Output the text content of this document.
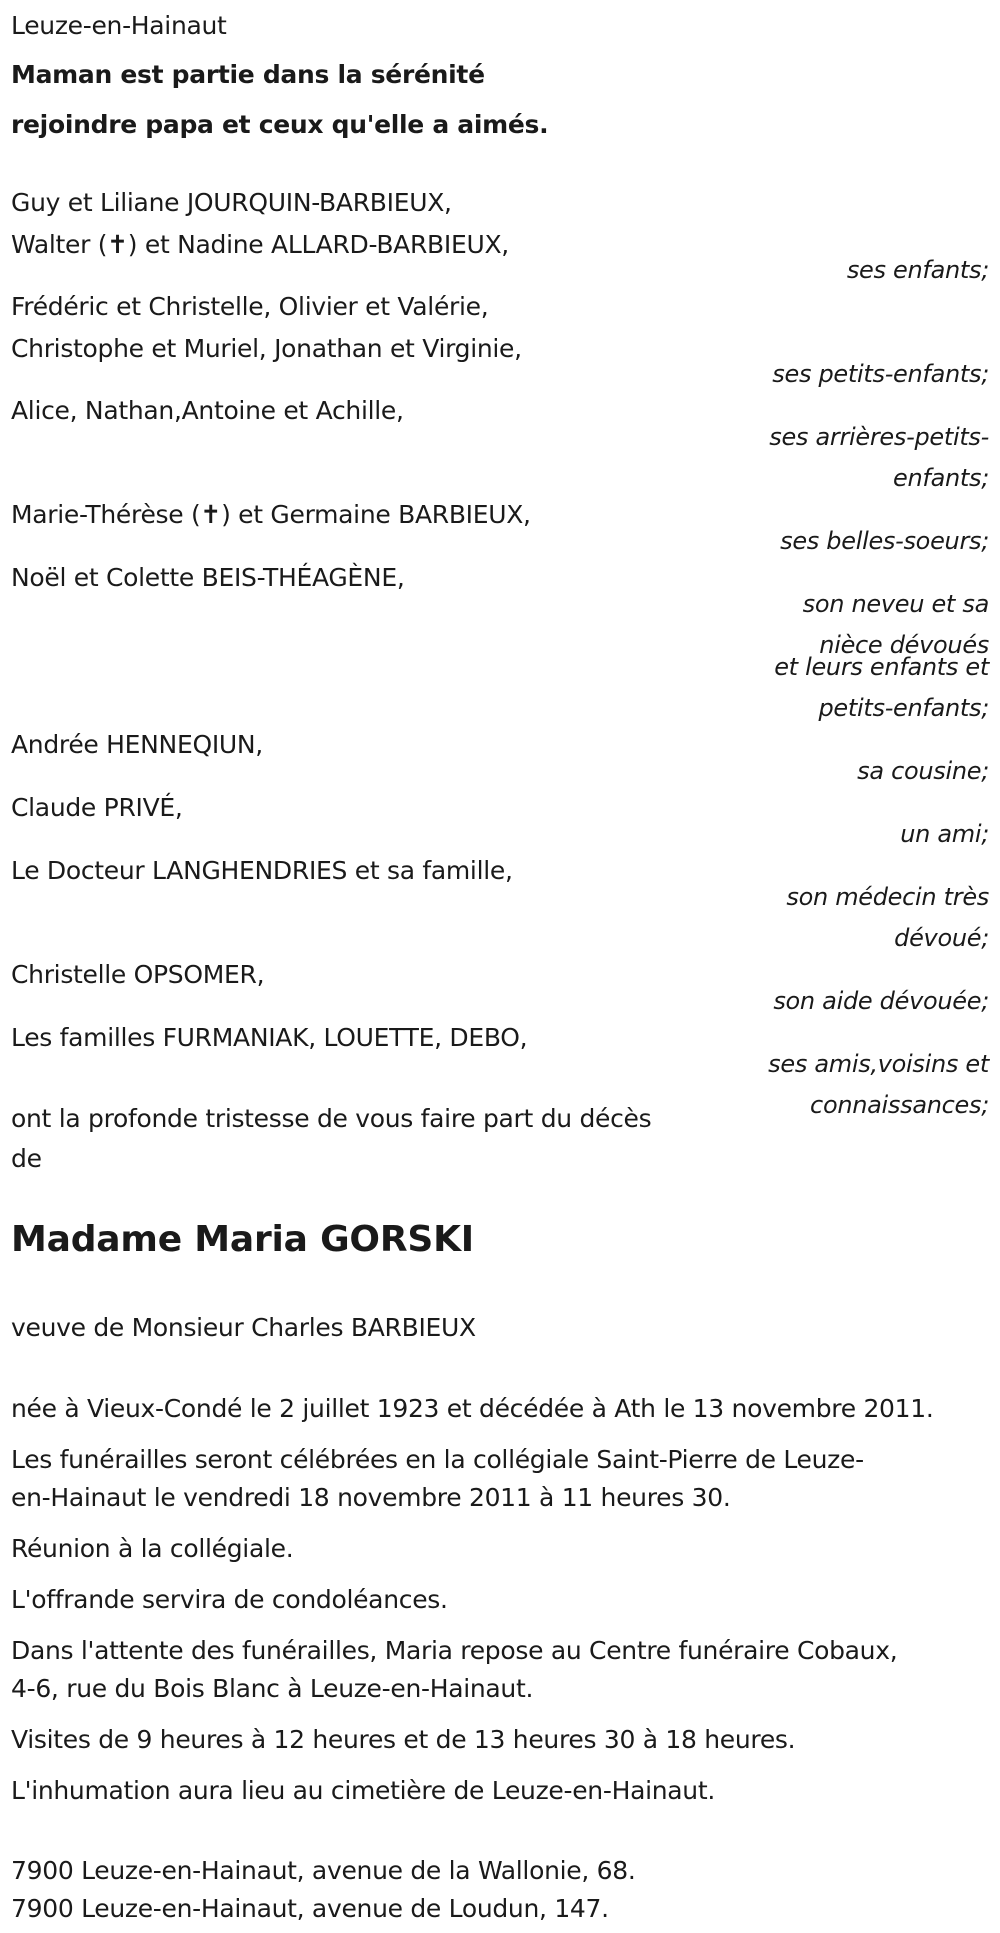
Leuze-en-Hainaut

Maman est partie dans la sérénité

rejoindre papa et ceux qu'elle a aimés.

Guy et Liliane JOURQUIN-BARBIEUX,

Walter (✝) et Nadine ALLARD-BARBIEUX,

ses enfants;

Frédéric et Christelle, Olivier et Valérie,

Christophe et Muriel, Jonathan et Virginie,

ses petits-enfants;

Alice, Nathan,Antoine et Achille,

ses arrières-petits-

enfants;

Marie-Thérèse (✝) et Germaine BARBIEUX,

ses belles-soeurs;

Noël et Colette BEIS-THÉAGÈNE,

son neveu et sa

nièce dévoués

et leurs enfants et

petits-enfants;

Andrée HENNEQIUN,

sa cousine;

Claude PRIVÉ,

un ami;

Le Docteur LANGHENDRIES et sa famille,

son médecin très

dévoué;

Christelle OPSOMER,

son aide dévouée;

Les familles FURMANIAK, LOUETTE, DEBO,

ses amis,voisins et

connaissances;

ont la profonde tristesse de vous faire part du décès

de

Madame Maria GORSKI

veuve de Monsieur Charles BARBIEUX

née à Vieux-Condé le 2 juillet 1923 et décédée à Ath le 13 novembre 2011.

Les funérailles seront célébrées en la collégiale Saint-Pierre de Leuze-

en-Hainaut le vendredi 18 novembre 2011 à 11 heures 30.

Réunion à la collégiale.

L'offrande servira de condoléances.

Dans l'attente des funérailles, Maria repose au Centre funéraire Cobaux,

4-6, rue du Bois Blanc à Leuze-en-Hainaut.

Visites de 9 heures à 12 heures et de 13 heures 30 à 18 heures.

L'inhumation aura lieu au cimetière de Leuze-en-Hainaut.

7900 Leuze-en-Hainaut, avenue de la Wallonie, 68.

7900 Leuze-en-Hainaut, avenue de Loudun, 147.
